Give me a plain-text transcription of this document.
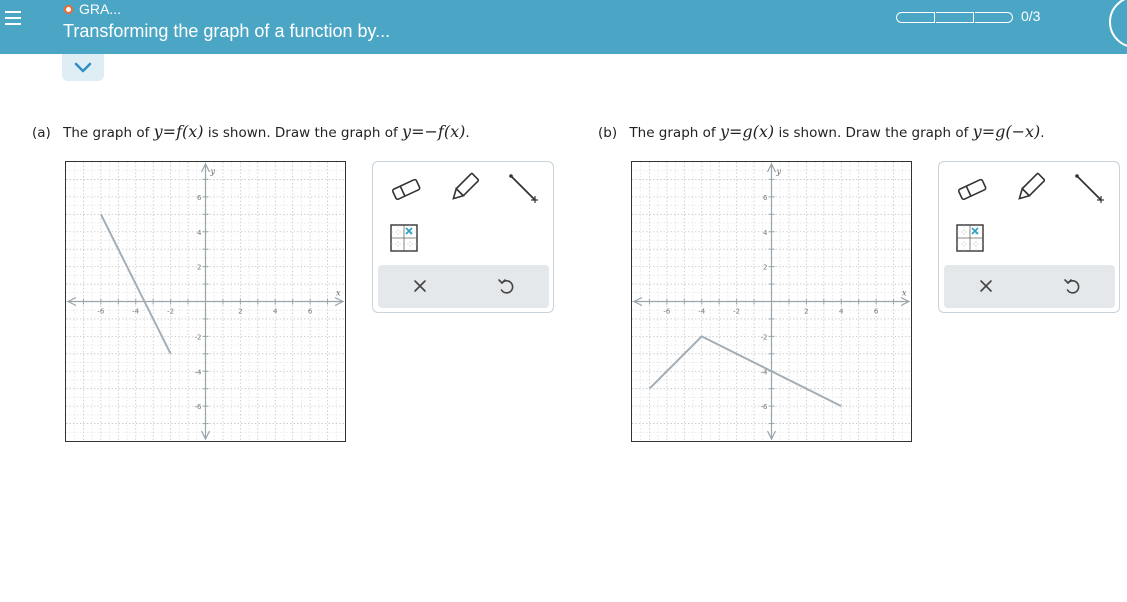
GRA...
Transforming the graph of a function by...
0/3
(a) The graph of y=f(x) is shown. Draw the graph of y=−f(x).	(b) The graph of y=g(x) is shown. Draw the graph of y=g(−x).
-6	-4	-2	2	4	6
6
4
2
-2
-4
-6
x
y
-6	-4	-2	2	4	6
6
4
2
-2
-4
-6
x
y
